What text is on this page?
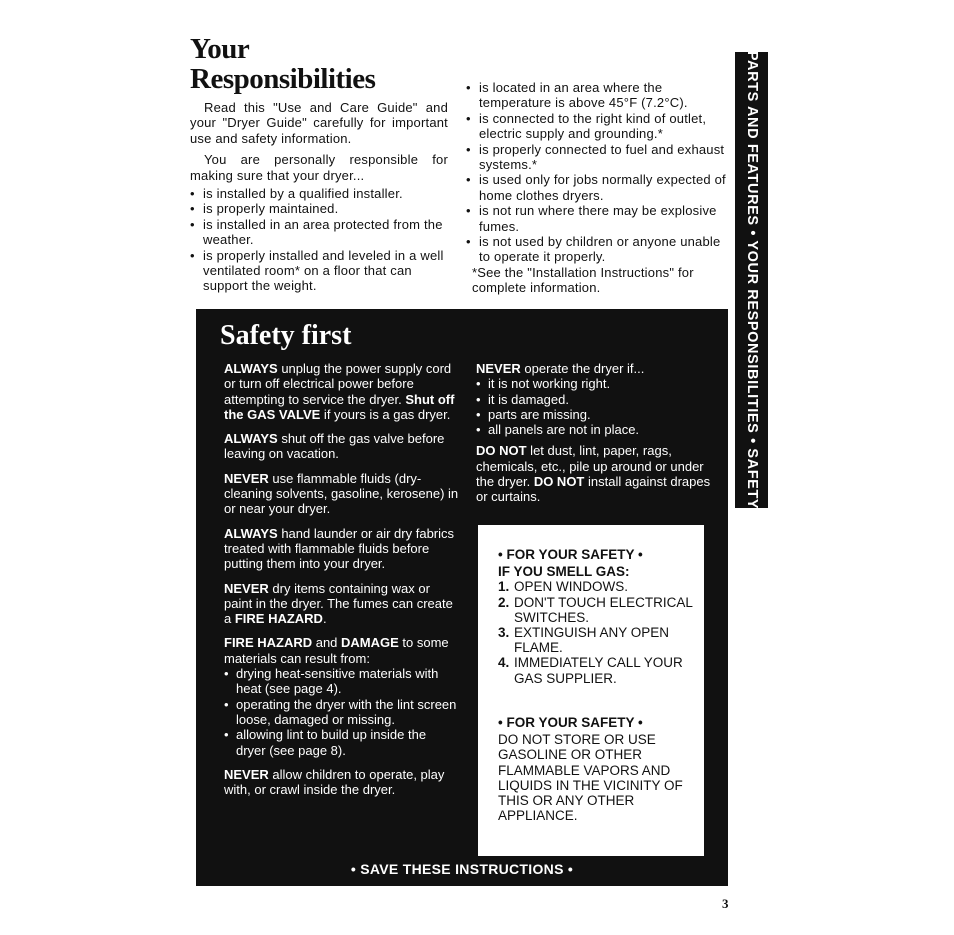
Your
Responsibilities

Read this "Use and Care Guide" and your "Dryer Guide" carefully for important use and safety information.

You are personally responsible for making sure that your dryer...

• is installed by a qualified installer.
• is properly maintained.
• is installed in an area protected from the weather.
• is properly installed and leveled in a well ventilated room* on a floor that can support the weight.
• is located in an area where the temperature is above 45°F (7.2°C).
• is connected to the right kind of outlet, electric supply and grounding.*
• is properly connected to fuel and exhaust systems.*
• is used only for jobs normally expected of home clothes dryers.
• is not run where there may be explosive fumes.
• is not used by children or anyone unable to operate it properly.

*See the "Installation Instructions" for complete information.	PARTS AND FEATURES • YOUR RESPONSIBILITIES • SAFETY
Safety first

ALWAYS unplug the power supply cord or turn off electrical power before attempting to service the dryer. Shut off the GAS VALVE if yours is a gas dryer.

ALWAYS shut off the gas valve before leaving on vacation.

NEVER use flammable fluids (dry-cleaning solvents, gasoline, kerosene) in or near your dryer.

ALWAYS hand launder or air dry fabrics treated with flammable fluids before putting them into your dryer.

NEVER dry items containing wax or paint in the dryer. The fumes can create a FIRE HAZARD.

FIRE HAZARD and DAMAGE to some materials can result from:

• drying heat-sensitive materials with heat (see page 4).
• operating the dryer with the lint screen loose, damaged or missing.
• allowing lint to build up inside the dryer (see page 8).

NEVER allow children to operate, play with, or crawl inside the dryer.

NEVER operate the dryer if...

• it is not working right.
• it is damaged.
• parts are missing.
• all panels are not in place.

DO NOT let dust, lint, paper, rags, chemicals, etc., pile up around or under the dryer. DO NOT install against drapes or curtains.

• FOR YOUR SAFETY •
IF YOU SMELL GAS:
1. OPEN WINDOWS.
2. DON'T TOUCH ELECTRICAL SWITCHES.
3. EXTINGUISH ANY OPEN FLAME.
4. IMMEDIATELY CALL YOUR GAS SUPPLIER.
• FOR YOUR SAFETY •
DO NOT STORE OR USE GASOLINE OR OTHER FLAMMABLE VAPORS AND LIQUIDS IN THE VICINITY OF THIS OR ANY OTHER APPLIANCE.
• SAVE THESE INSTRUCTIONS •
3
